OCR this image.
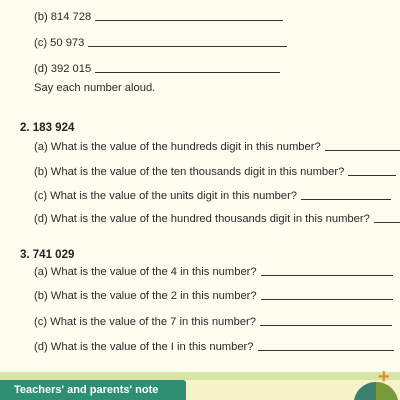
(b) 814 728
(c) 50 973
(d) 392 015
Say each number aloud.
2. 183 924
(a) What is the value of the hundreds digit in this number?
(b) What is the value of the ten thousands digit in this number?
(c) What is the value of the units digit in this number?
(d) What is the value of the hundred thousands digit in this number?
3. 741 029
(a) What is the value of the 4 in this number?
(b) What is the value of the 2 in this number?
(c) What is the value of the 7 in this number?
(d) What is the value of the I in this number?
Teachers' and parents' note
+
